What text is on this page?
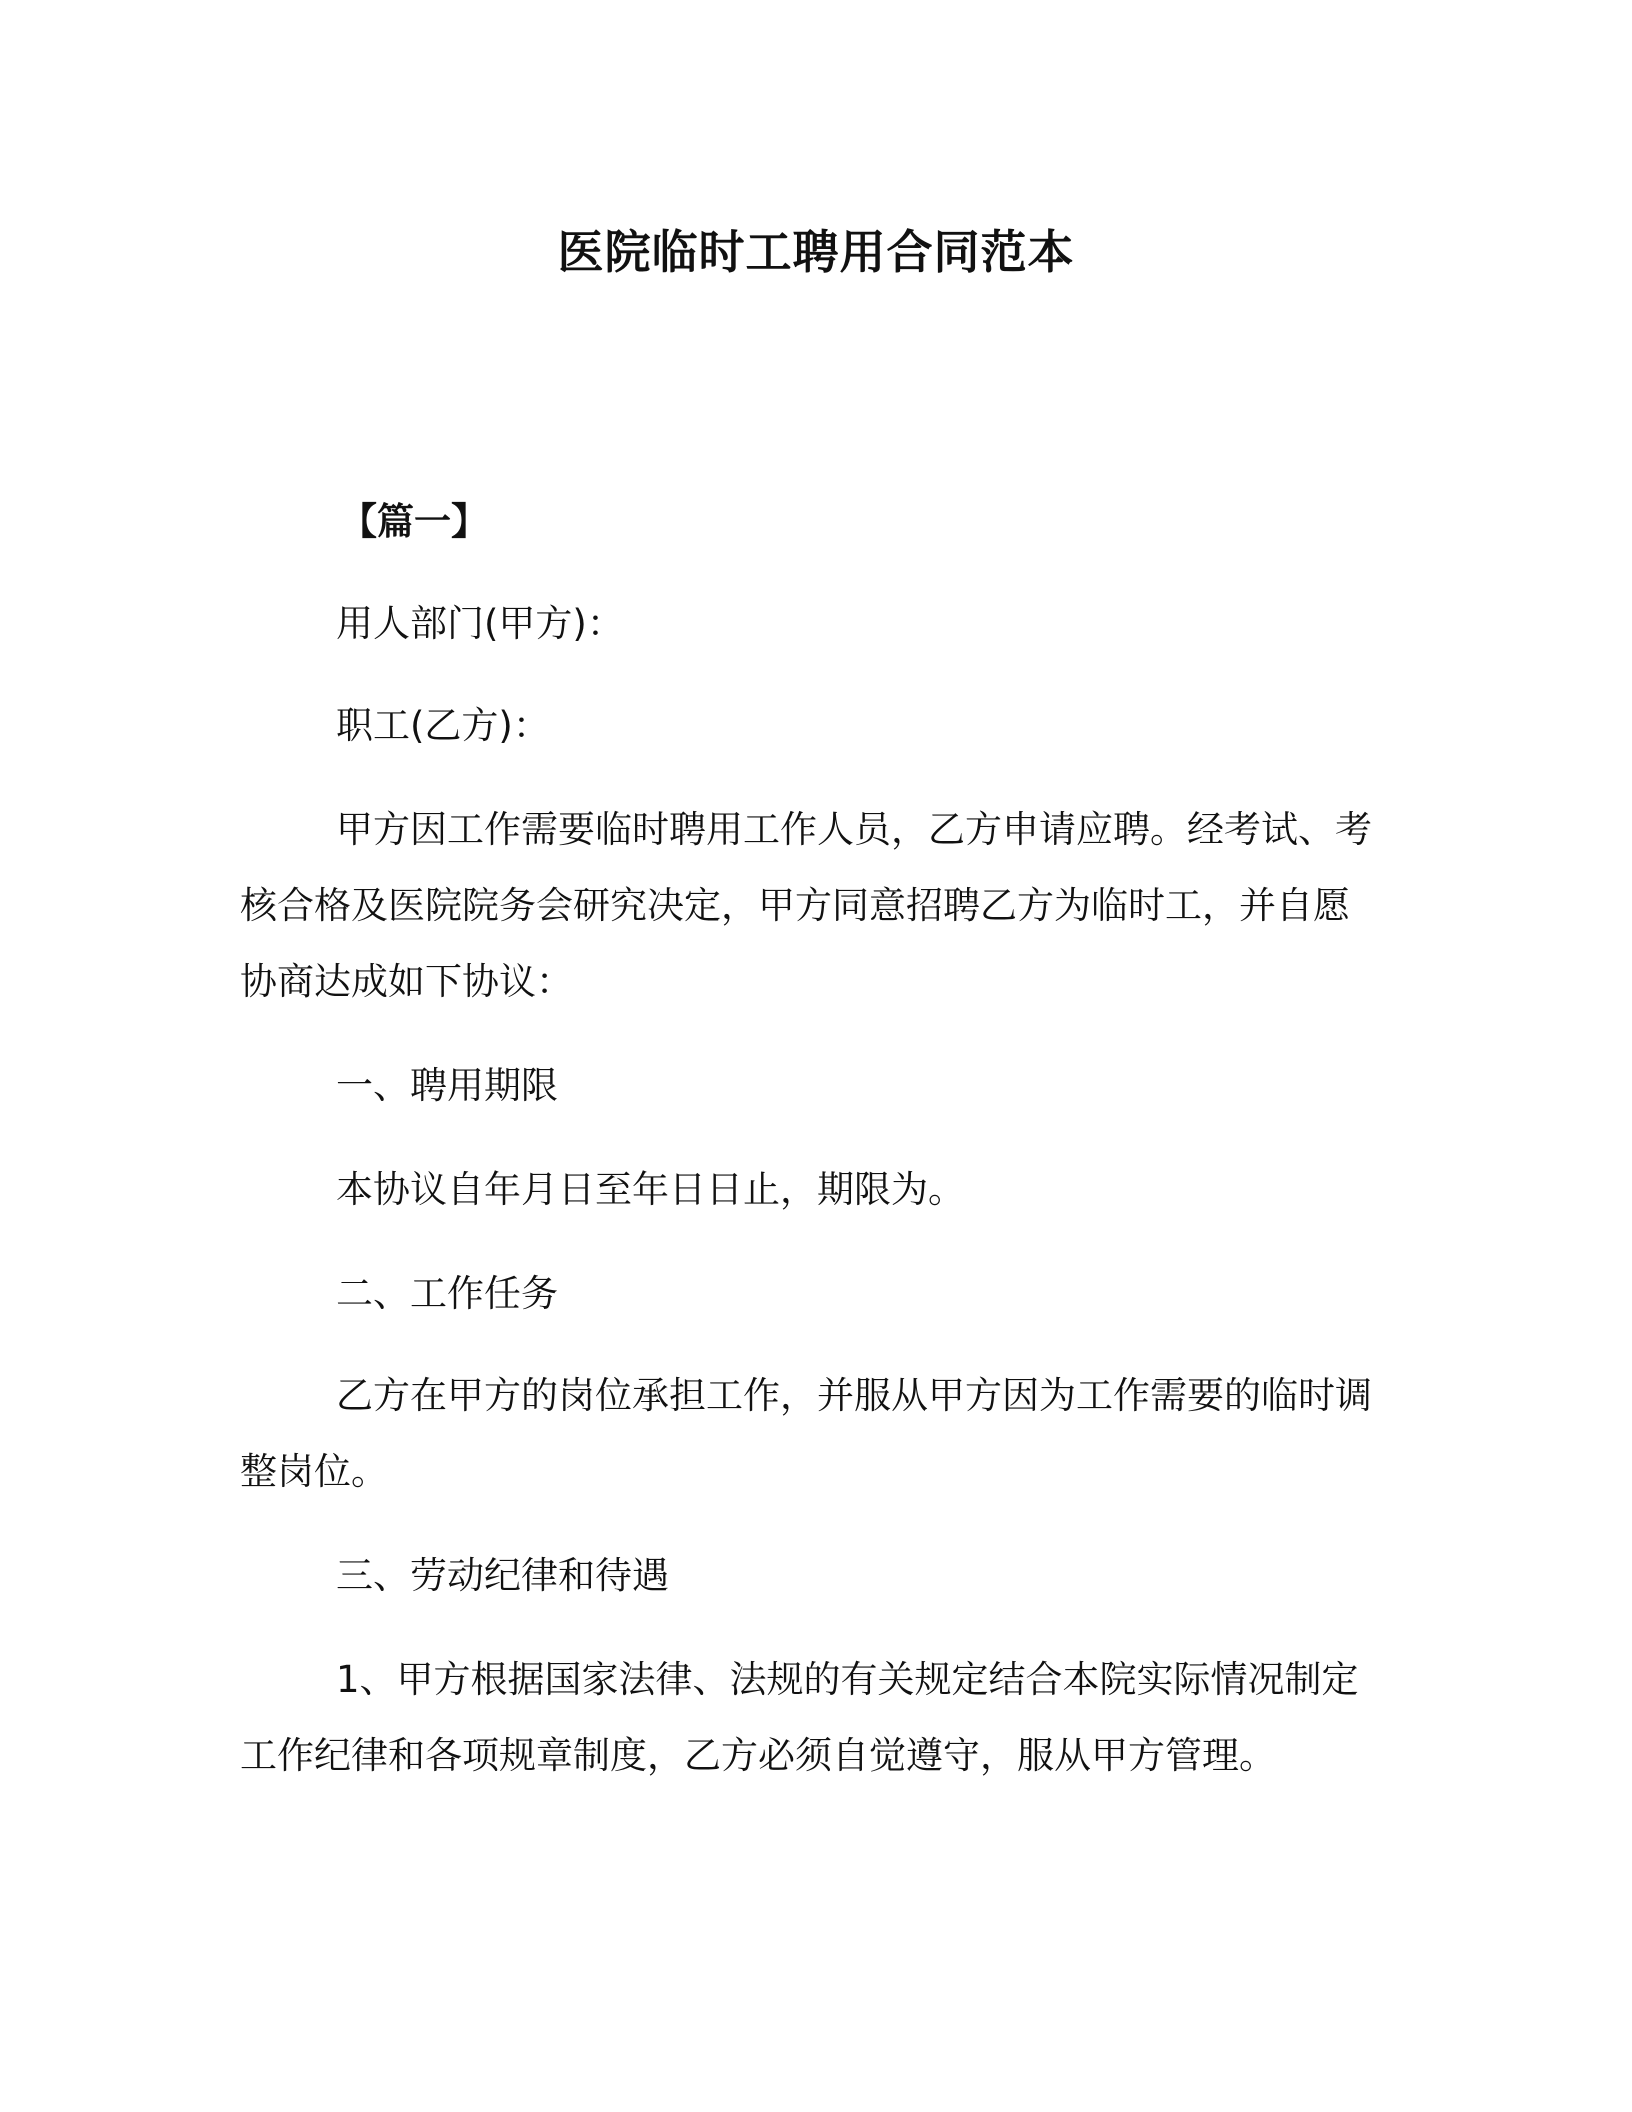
医院临时工聘用合同范本
【篇一】
用人部门(甲方)：
职工(乙方)：
甲方因工作需要临时聘用工作人员，乙方申请应聘。经考试、考
核合格及医院院务会研究决定，甲方同意招聘乙方为临时工，并自愿
协商达成如下协议：
一、聘用期限
本协议自年月日至年日日止，期限为。
二、工作任务
乙方在甲方的岗位承担工作，并服从甲方因为工作需要的临时调
整岗位。
三、劳动纪律和待遇
1、甲方根据国家法律、法规的有关规定结合本院实际情况制定
工作纪律和各项规章制度，乙方必须自觉遵守，服从甲方管理。
